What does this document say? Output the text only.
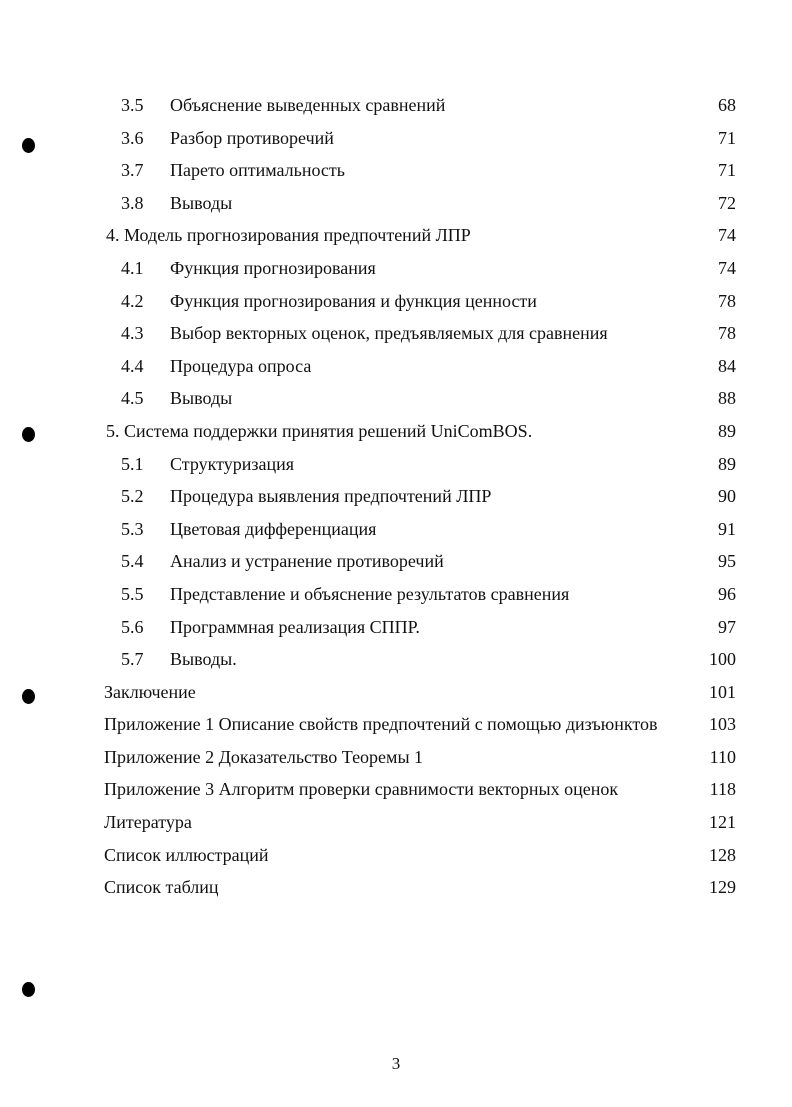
3.5 Объяснение выведенных сравнений	68
3.6 Разбор противоречий	71
3.7 Парето оптимальность	71
3.8 Выводы	72
4. Модель прогнозирования предпочтений ЛПР	74
4.1 Функция прогнозирования	74
4.2 Функция прогнозирования и функция ценности	78
4.3 Выбор векторных оценок, предъявляемых для сравнения	78
4.4 Процедура опроса	84
4.5 Выводы	88
5. Система поддержки принятия решений UniComBOS.	89
5.1 Структуризация	89
5.2 Процедура выявления предпочтений ЛПР	90
5.3 Цветовая дифференциация	91
5.4 Анализ и устранение противоречий	95
5.5 Представление и объяснение результатов сравнения	96
5.6 Программная реализация СППР.	97
5.7 Выводы.	100
Заключение	101
Приложение 1 Описание свойств предпочтений с помощью дизъюнктов	103
Приложение 2 Доказательство Теоремы 1	110
Приложение 3 Алгоритм проверки сравнимости векторных оценок	118
Литература	121
Список иллюстраций	128
Список таблиц	129
3
